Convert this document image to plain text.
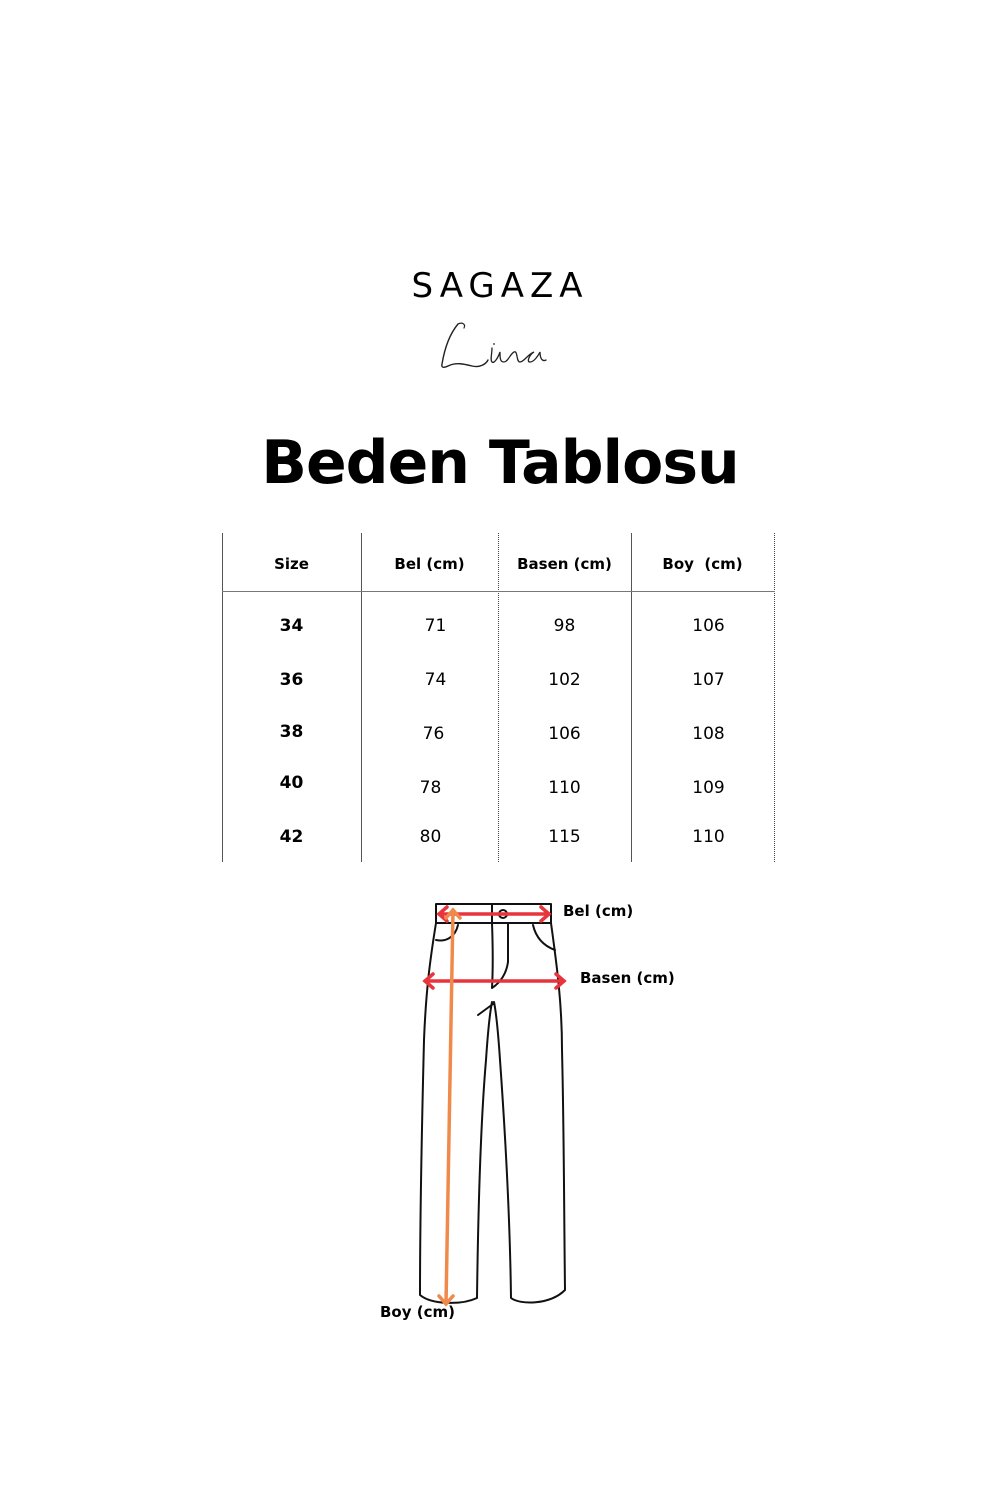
SAGAZA
Beden Tablosu
Size	Bel (cm)	Basen (cm)	Boy  (cm)
34	71	98	106
36	74	102	107
38	76	106	108
40	78	110	109
42	80	115	110
Bel (cm)
Basen (cm)
Boy (cm)
